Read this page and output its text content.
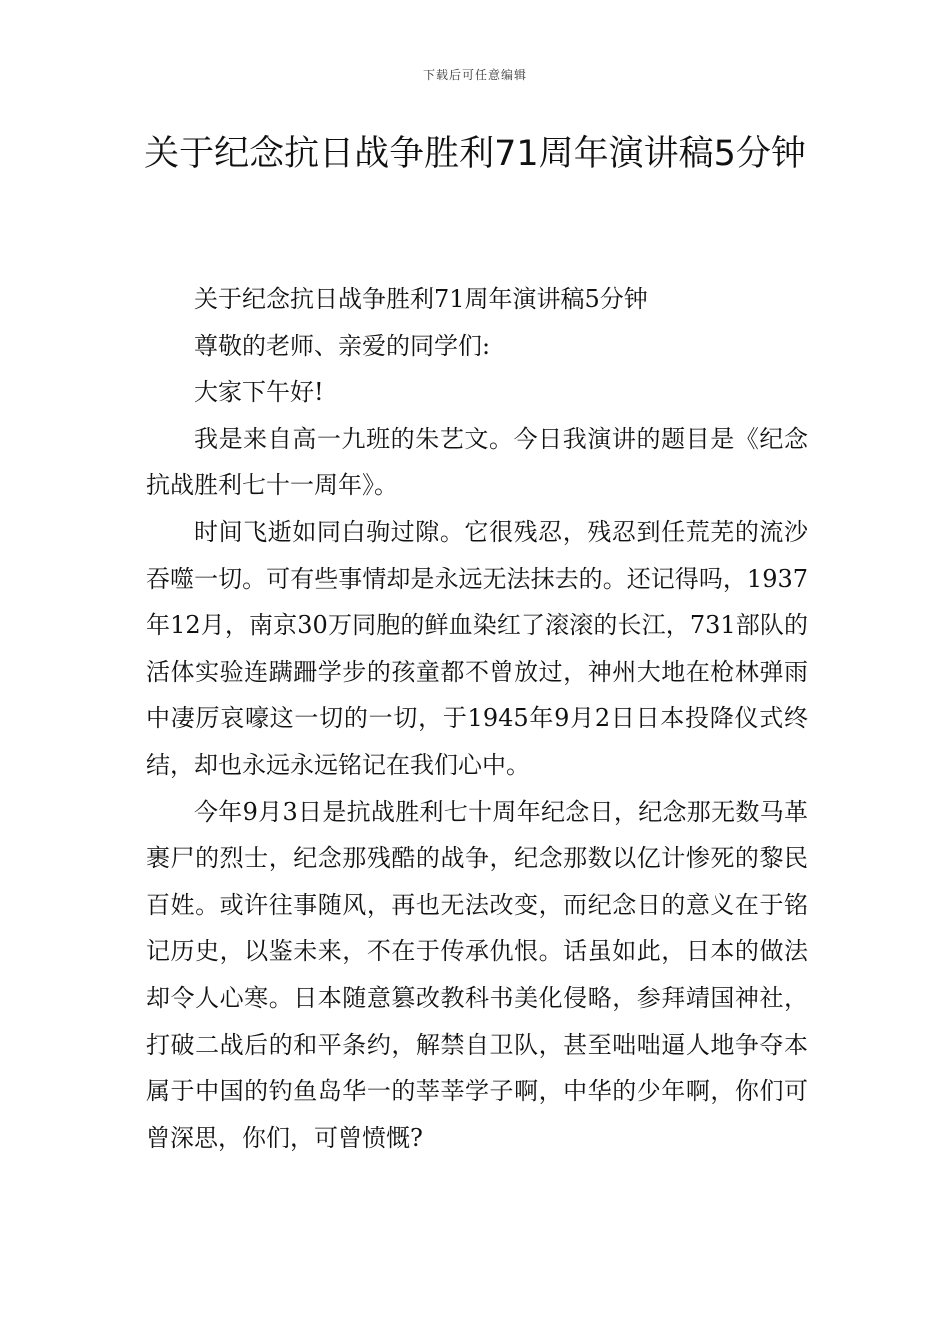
下载后可任意编辑
关于纪念抗日战争胜利71周年演讲稿5分钟

关于纪念抗日战争胜利71周年演讲稿5分钟

尊敬的老师、亲爱的同学们:

大家下午好!

我是来自高一九班的朱艺文。今日我演讲的题目是《纪念抗战胜利七十一周年》。

时间飞逝如同白驹过隙。它很残忍，残忍到任荒芜的流沙吞噬一切。可有些事情却是永远无法抹去的。还记得吗，1937年12月，南京30万同胞的鲜血染红了滚滚的长江，731部队的活体实验连蹒跚学步的孩童都不曾放过，神州大地在枪林弹雨中凄厉哀嚎这一切的一切，于1945年9月2日日本投降仪式终结，却也永远永远铭记在我们心中。

今年9月3日是抗战胜利七十周年纪念日，纪念那无数马革裹尸的烈士，纪念那残酷的战争，纪念那数以亿计惨死的黎民百姓。或许往事随风，再也无法改变，而纪念日的意义在于铭记历史，以鉴未来，不在于传承仇恨。话虽如此，日本的做法却令人心寒。日本随意篡改教科书美化侵略，参拜靖国神社，打破二战后的和平条约，解禁自卫队，甚至咄咄逼人地争夺本属于中国的钓鱼岛华一的莘莘学子啊，中华的少年啊，你们可曾深思，你们，可曾愤慨?
